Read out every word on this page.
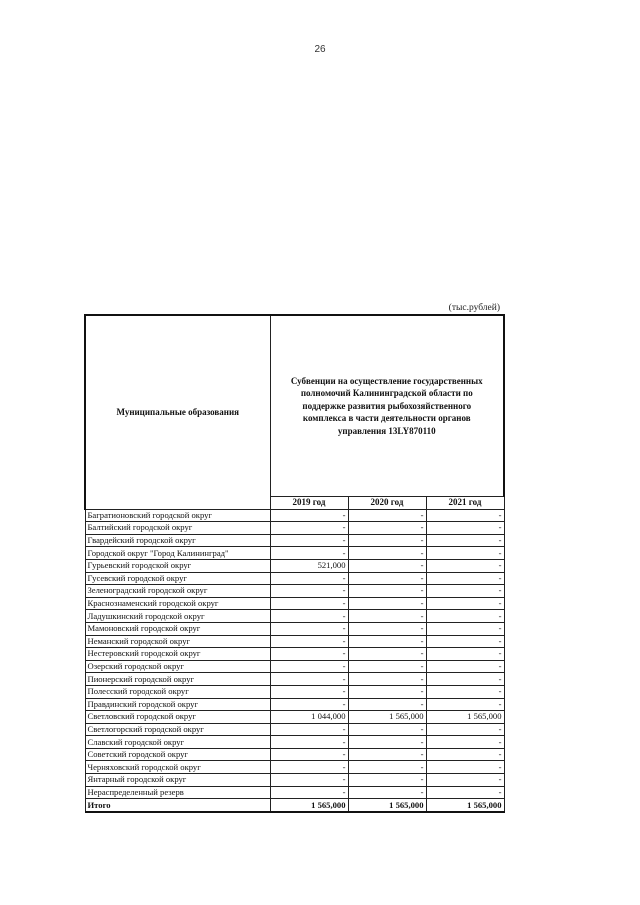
26
(тыс.рублей)
Муниципальные образования	Субвенции на осуществление государственных полномочий Калининградской области по поддержке развития рыбохозяйственного комплекса в части деятельности органов управления 13LY870110		
	2019 год	2020 год	2021 год
Багратионовский городской округ	-	-	-
Балтийский городской округ	-	-	-
Гвардейский городской округ	-	-	-
Городской округ "Город Калининград"	-	-	-
Гурьевский городской округ	521,000	-	-
Гусевский городской округ	-	-	-
Зеленоградский городской округ	-	-	-
Краснознаменский городской округ	-	-	-
Ладушкинский городской округ	-	-	-
Мамоновский городской округ	-	-	-
Неманский городской округ	-	-	-
Нестеровский городской округ	-	-	-
Озерский городской округ	-	-	-
Пионерский городской округ	-	-	-
Полесский городской округ	-	-	-
Правдинский городской округ	-	-	-
Светловский городской округ	1 044,000	1 565,000	1 565,000
Светлогорский городской округ	-	-	-
Славский городской округ	-	-	-
Советский городской округ	-	-	-
Черняховский городской округ	-	-	-
Янтарный городской округ	-	-	-
Нераспределенный резерв	-	-	-
Итого	1 565,000	1 565,000	1 565,000
